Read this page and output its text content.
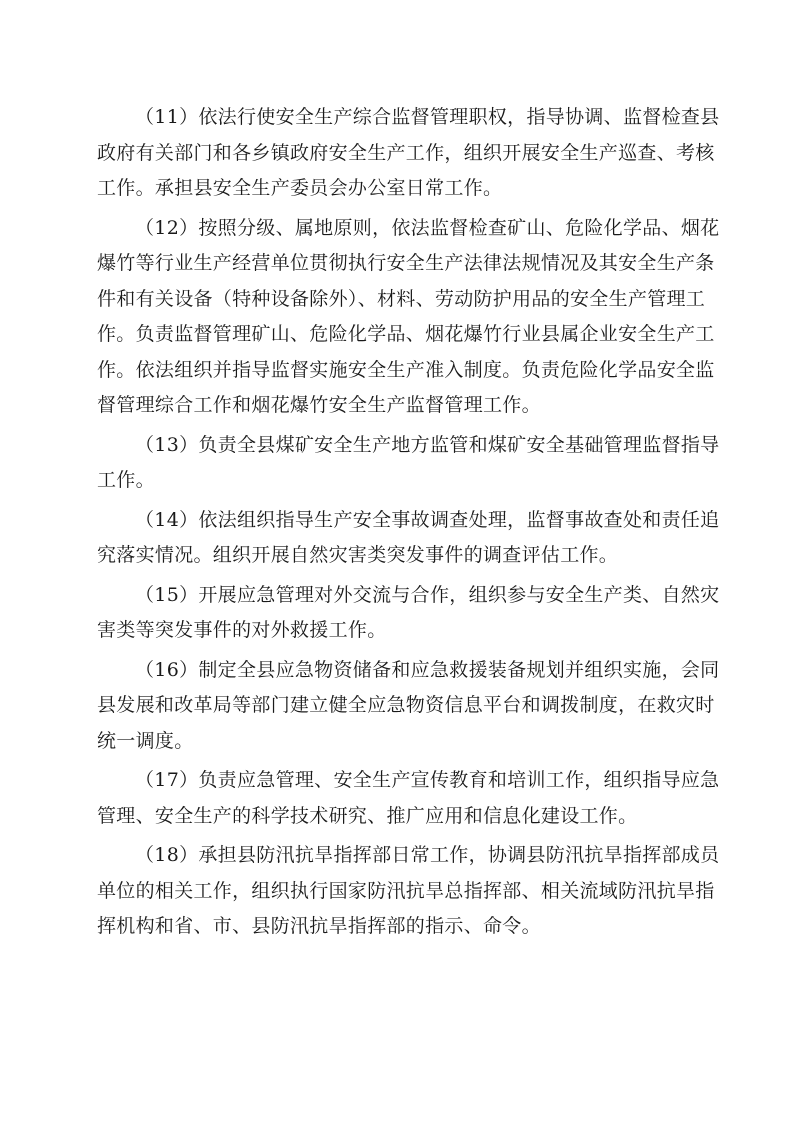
（11）依法行使安全生产综合监督管理职权，指导协调、监督检查县
政府有关部门和各乡镇政府安全生产工作，组织开展安全生产巡查、考核
工作。承担县安全生产委员会办公室日常工作。

（12）按照分级、属地原则，依法监督检查矿山、危险化学品、烟花
爆竹等行业生产经营单位贯彻执行安全生产法律法规情况及其安全生产条
件和有关设备（特种设备除外）、材料、劳动防护用品的安全生产管理工
作。负责监督管理矿山、危险化学品、烟花爆竹行业县属企业安全生产工
作。依法组织并指导监督实施安全生产准入制度。负责危险化学品安全监
督管理综合工作和烟花爆竹安全生产监督管理工作。

（13）负责全县煤矿安全生产地方监管和煤矿安全基础管理监督指导
工作。

（14）依法组织指导生产安全事故调查处理，监督事故查处和责任追
究落实情况。组织开展自然灾害类突发事件的调查评估工作。

（15）开展应急管理对外交流与合作，组织参与安全生产类、自然灾
害类等突发事件的对外救援工作。

（16）制定全县应急物资储备和应急救援装备规划并组织实施，会同
县发展和改革局等部门建立健全应急物资信息平台和调拨制度，在救灾时
统一调度。

（17）负责应急管理、安全生产宣传教育和培训工作，组织指导应急
管理、安全生产的科学技术研究、推广应用和信息化建设工作。

（18）承担县防汛抗旱指挥部日常工作，协调县防汛抗旱指挥部成员
单位的相关工作，组织执行国家防汛抗旱总指挥部、相关流域防汛抗旱指
挥机构和省、市、县防汛抗旱指挥部的指示、命令。
